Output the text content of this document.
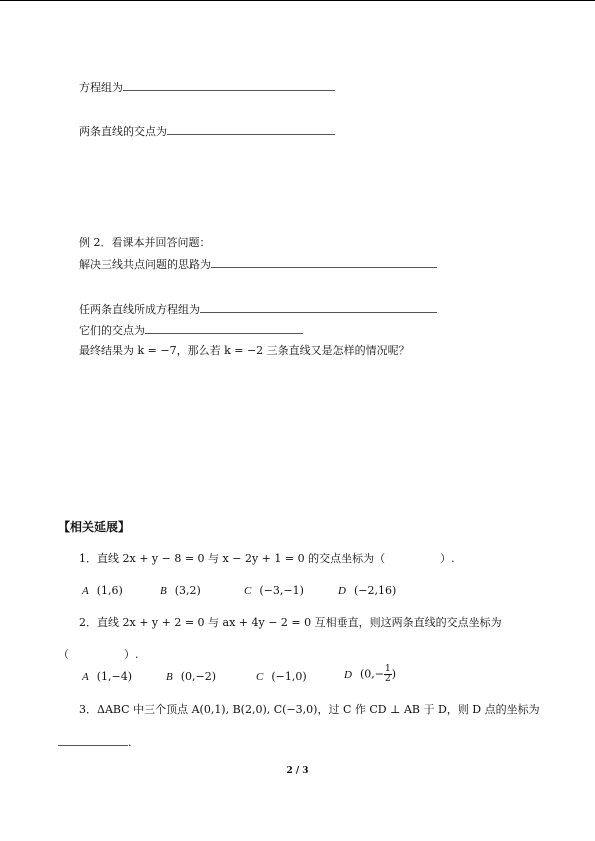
方程组为
两条直线的交点为
例 2．看课本并回答问题：
解决三线共点问题的思路为
任两条直线所成方程组为
它们的交点为
最终结果为 k = −7，那么若 k = −2 三条直线又是怎样的情况呢？
【相关延展】
1．直线 2x + y − 8 = 0 与 x − 2y + 1 = 0 的交点坐标为（　　　　　）.
A (1,6)	B (3,2)	C (−3,−1)	D (−2,16)
2．直线 2x + y + 2 = 0 与 ax + 4y − 2 = 0 互相垂直，则这两条直线的交点坐标为
（　　　　　）.
A (1,−4)	B (0,−2)	C (−1,0)	D ($0,- \frac{1}{2}$ )
3．ΔABC 中三个顶点 A(0,1), B(2,0), C(−3,0)，过 C 作 CD ⊥ AB 于 D，则 D 点的坐标为
.
2 / 3
